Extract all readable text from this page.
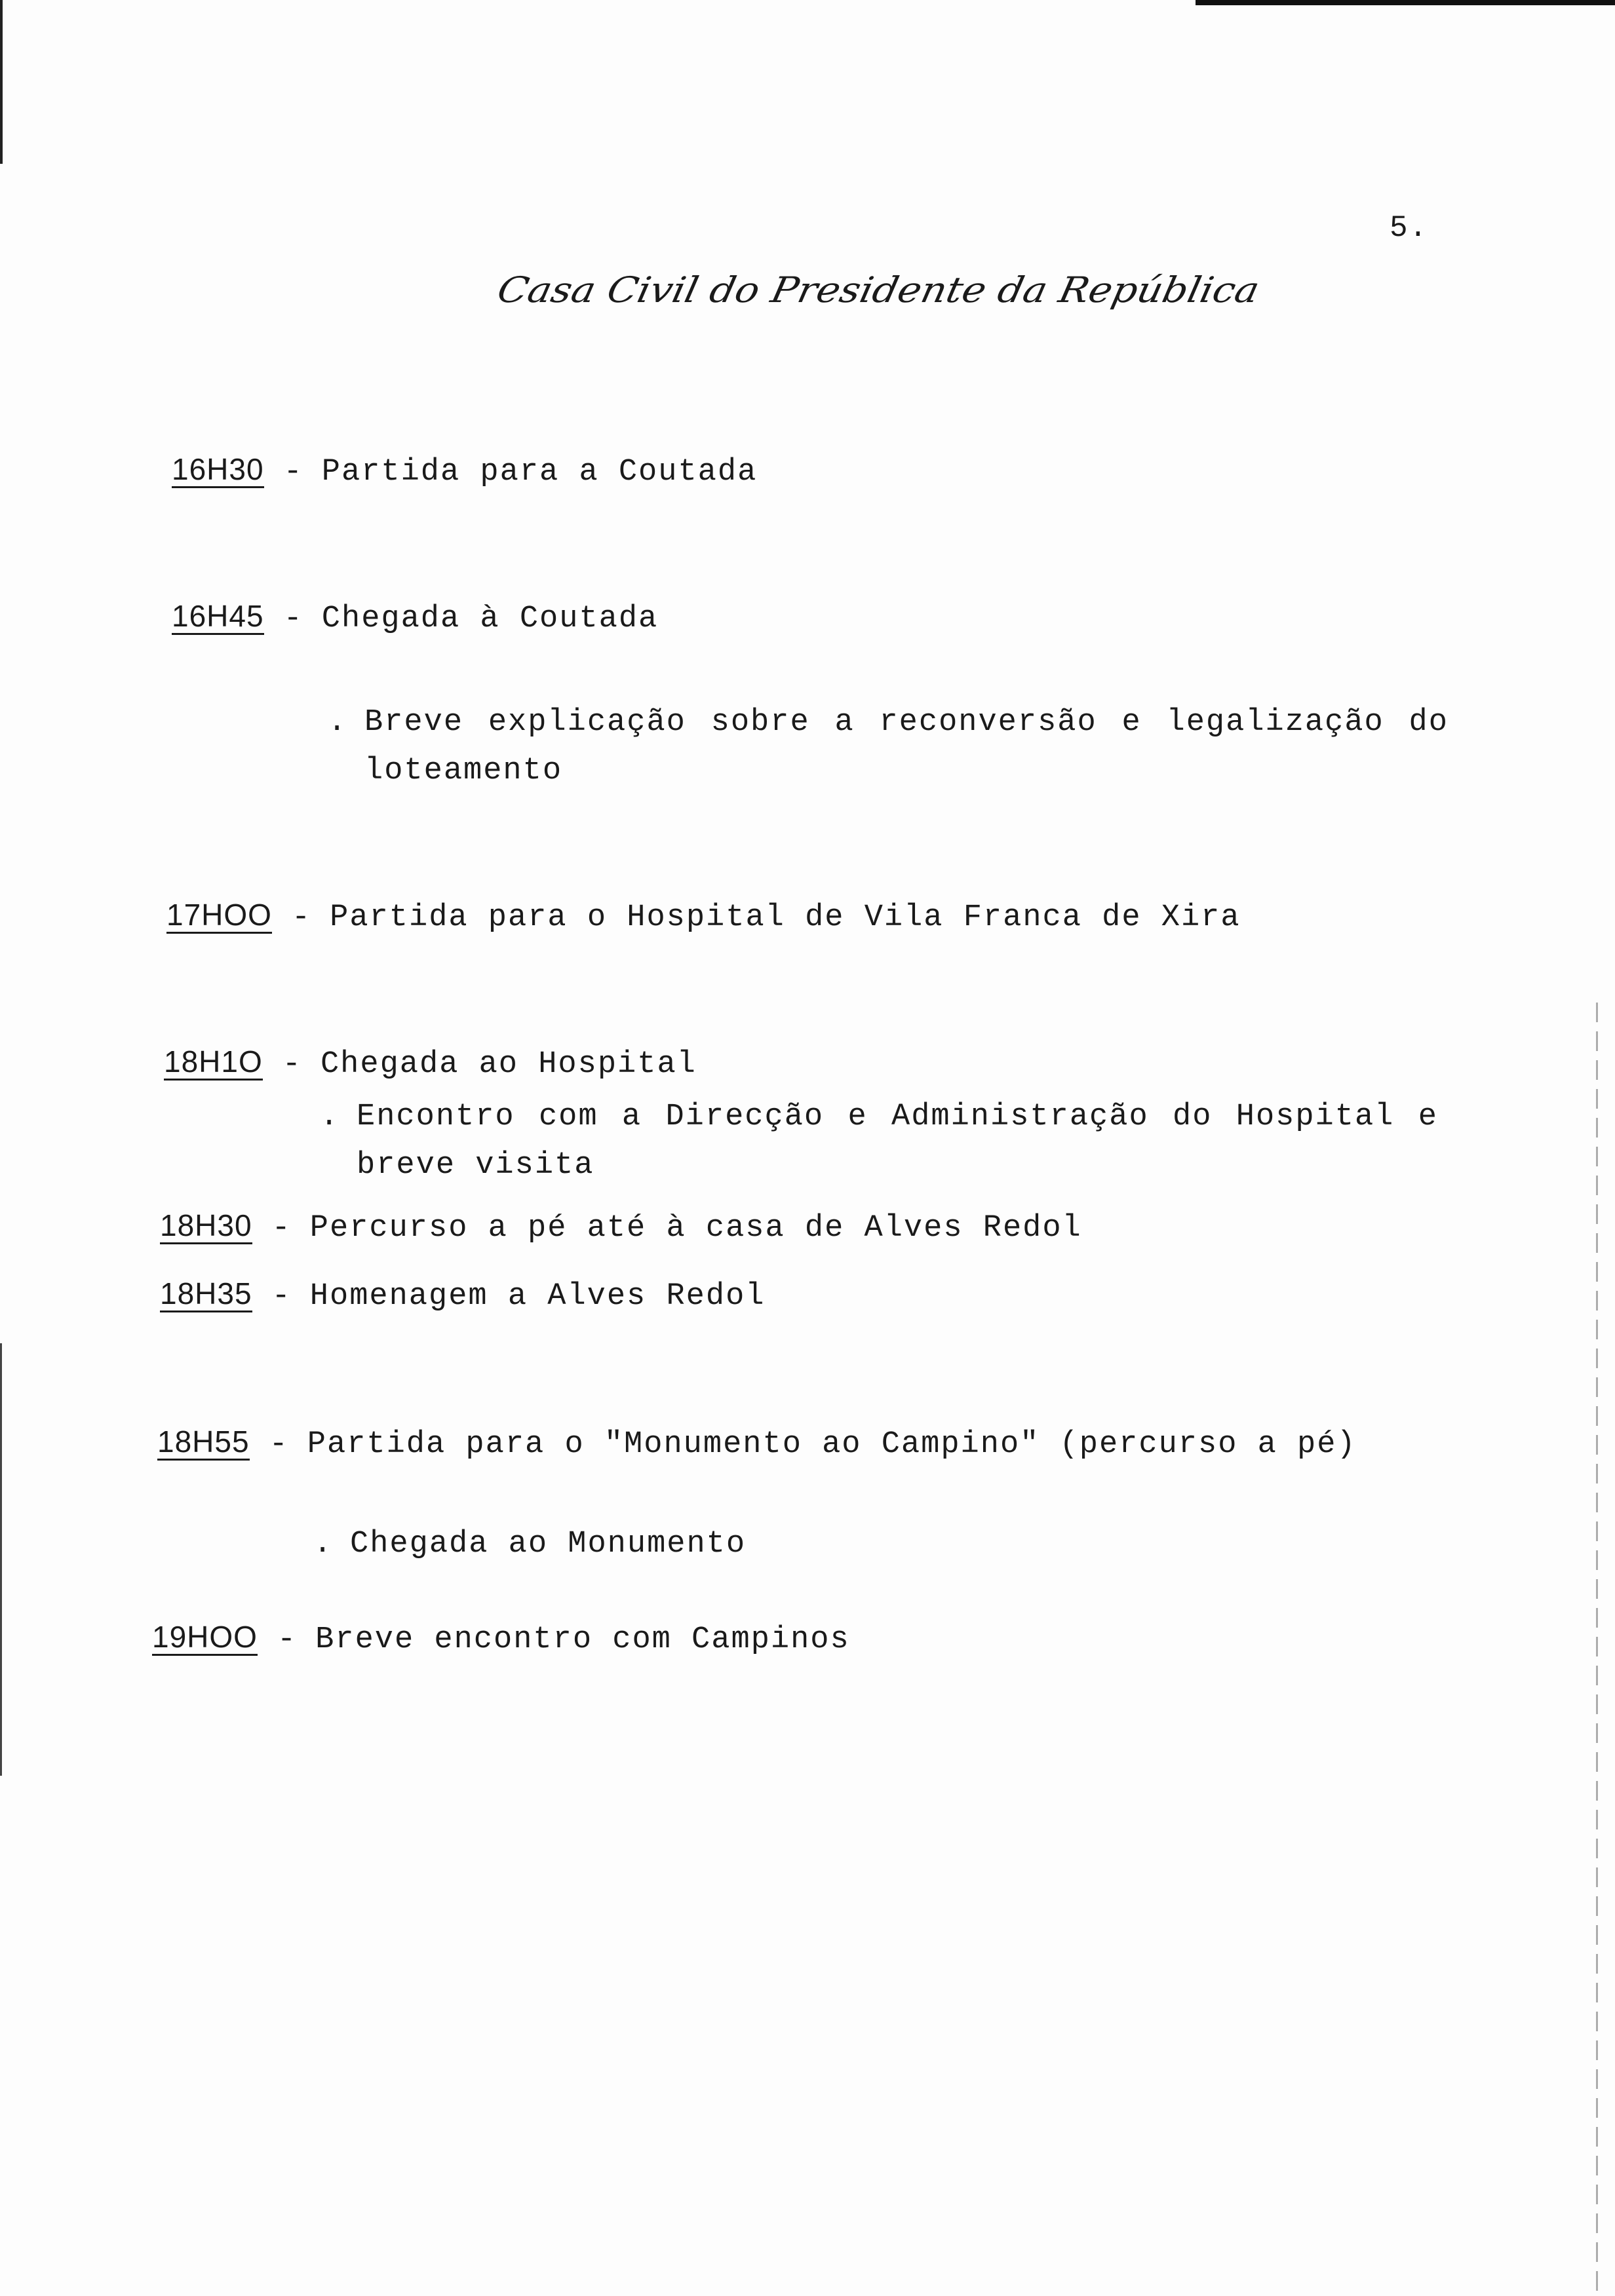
5.
Casa Civil do Presidente da República
16H30 - Partida para a Coutada
16H45 - Chegada à Coutada
. Breve explicação sobre a reconversão e legalização do
loteamento
17HOO - Partida para o Hospital de Vila Franca de Xira
18H1O - Chegada ao Hospital
. Encontro com a Direcção e Administração do Hospital e
breve visita
18H30 - Percurso a pé até à casa de Alves Redol
18H35 - Homenagem a Alves Redol
18H55 - Partida para o "Monumento ao Campino" (percurso a pé)
. Chegada ao Monumento
19HOO - Breve encontro com Campinos
